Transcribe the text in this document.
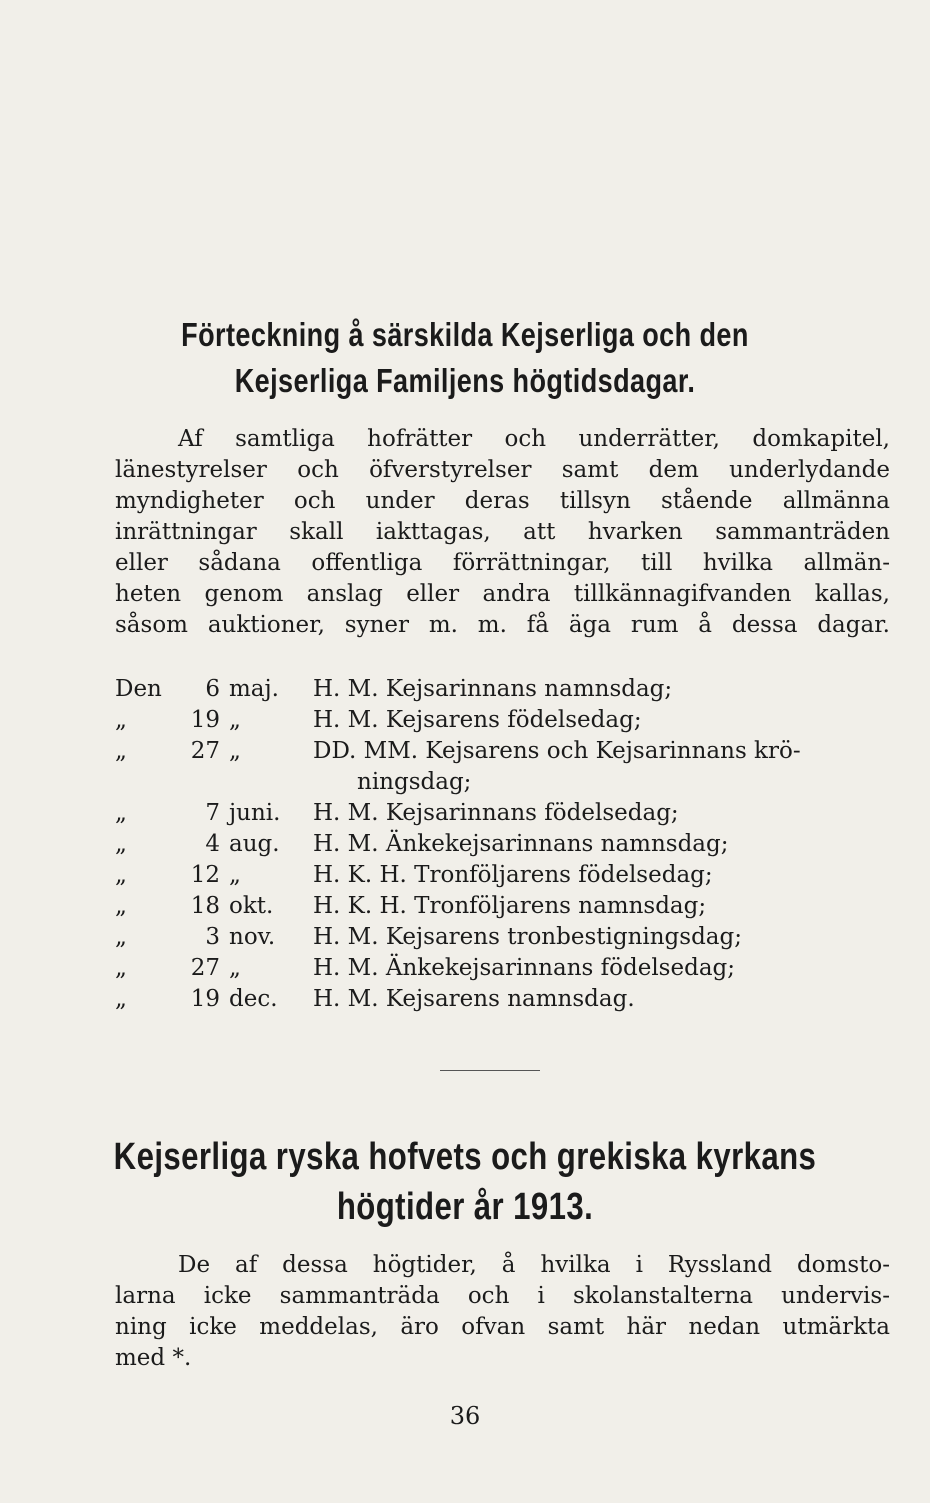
Förteckning å särskilda Kejserliga och den
Kejserliga Familjens högtidsdagar.
Af samtliga hofrätter och underrätter, domkapitel,
länestyrelser och öfverstyrelser samt dem underlydande
myndigheter och under deras tillsyn stående allmänna
inrättningar skall iakttagas, att hvarken sammanträden
eller sådana offentliga förrättningar, till hvilka allmän-
heten genom anslag eller andra tillkännagifvanden kallas,
såsom auktioner, syner m. m. få äga rum å dessa dagar.
Den	6 maj. H. M. Kejsarinnans namnsdag;
„	19 „	H. M. Kejsarens födelsedag;
„	27 „	DD. MM. Kejsarens och Kejsarinnans krö-
ningsdag;
„	7 juni. H. M. Kejsarinnans födelsedag;
„	4 aug. H. M. Änkekejsarinnans namnsdag;
„	12 „	H. K. H. Tronföljarens födelsedag;
„	18 okt. H. K. H. Tronföljarens namnsdag;
„	3 nov. H. M. Kejsarens tronbestigningsdag;
„	27 „	H. M. Änkekejsarinnans födelsedag;
„	19 dec. H. M. Kejsarens namnsdag.
Kejserliga ryska hofvets och grekiska kyrkans
högtider år 1913.
De af dessa högtider, å hvilka i Ryssland domsto-
larna icke sammanträda och i skolanstalterna undervis-
ning icke meddelas, äro ofvan samt här nedan utmärkta
med *.
36
